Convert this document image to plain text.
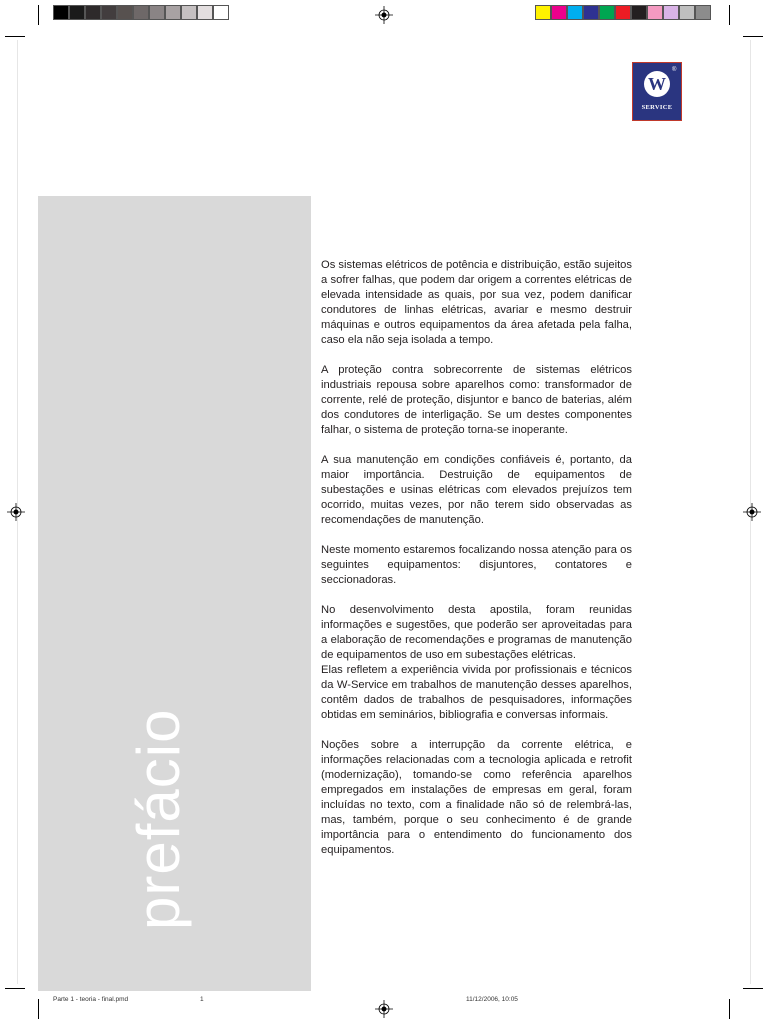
W
®
SERVICE
prefácio

Os sistemas elétricos de potência e distribuição, estão sujeitos a sofrer falhas, que podem dar origem a correntes elétricas de elevada intensidade as quais, por sua vez, podem danificar condutores de linhas elétricas, avariar e mesmo destruir máquinas e outros equipamentos da área afetada pela falha, caso ela não seja isolada a tempo.

A proteção contra sobrecorrente de sistemas elétricos industriais repousa sobre aparelhos como: transformador de corrente, relé de proteção, disjuntor e banco de baterias, além dos condutores de interligação. Se um destes componentes falhar, o sistema de proteção torna-se inoperante.

A sua manutenção em condições confiáveis é, portanto, da maior importância. Destruição de equipamentos de subestações e usinas elétricas com elevados prejuízos tem ocorrido, muitas vezes, por não terem sido observadas as recomendações de manutenção.

Neste momento estaremos focalizando nossa atenção para os seguintes equipamentos: disjuntores, contatores e seccionadoras.

No desenvolvimento desta apostila, foram reunidas informações e sugestões, que poderão ser aproveitadas para a elaboração de recomendações e programas de manutenção de equipamentos de uso em subestações elétricas.

Elas refletem a experiência vivida por profissionais e técnicos da W-Service em trabalhos de manutenção desses aparelhos, contêm dados de trabalhos de pesquisadores, informações obtidas em seminários, bibliografia e conversas informais.

Noções sobre a interrupção da corrente elétrica, e informações relacionadas com a tecnologia aplicada e retrofit (modernização), tomando-se como referência aparelhos empregados em instalações de empresas em geral, foram incluídas no texto, com a finalidade não só de relembrá-las, mas, também, porque o seu conhecimento é de grande importância para o entendimento do funcionamento dos equipamentos.

Parte 1 - teoria - final.pmd	1	11/12/2006, 10:05
